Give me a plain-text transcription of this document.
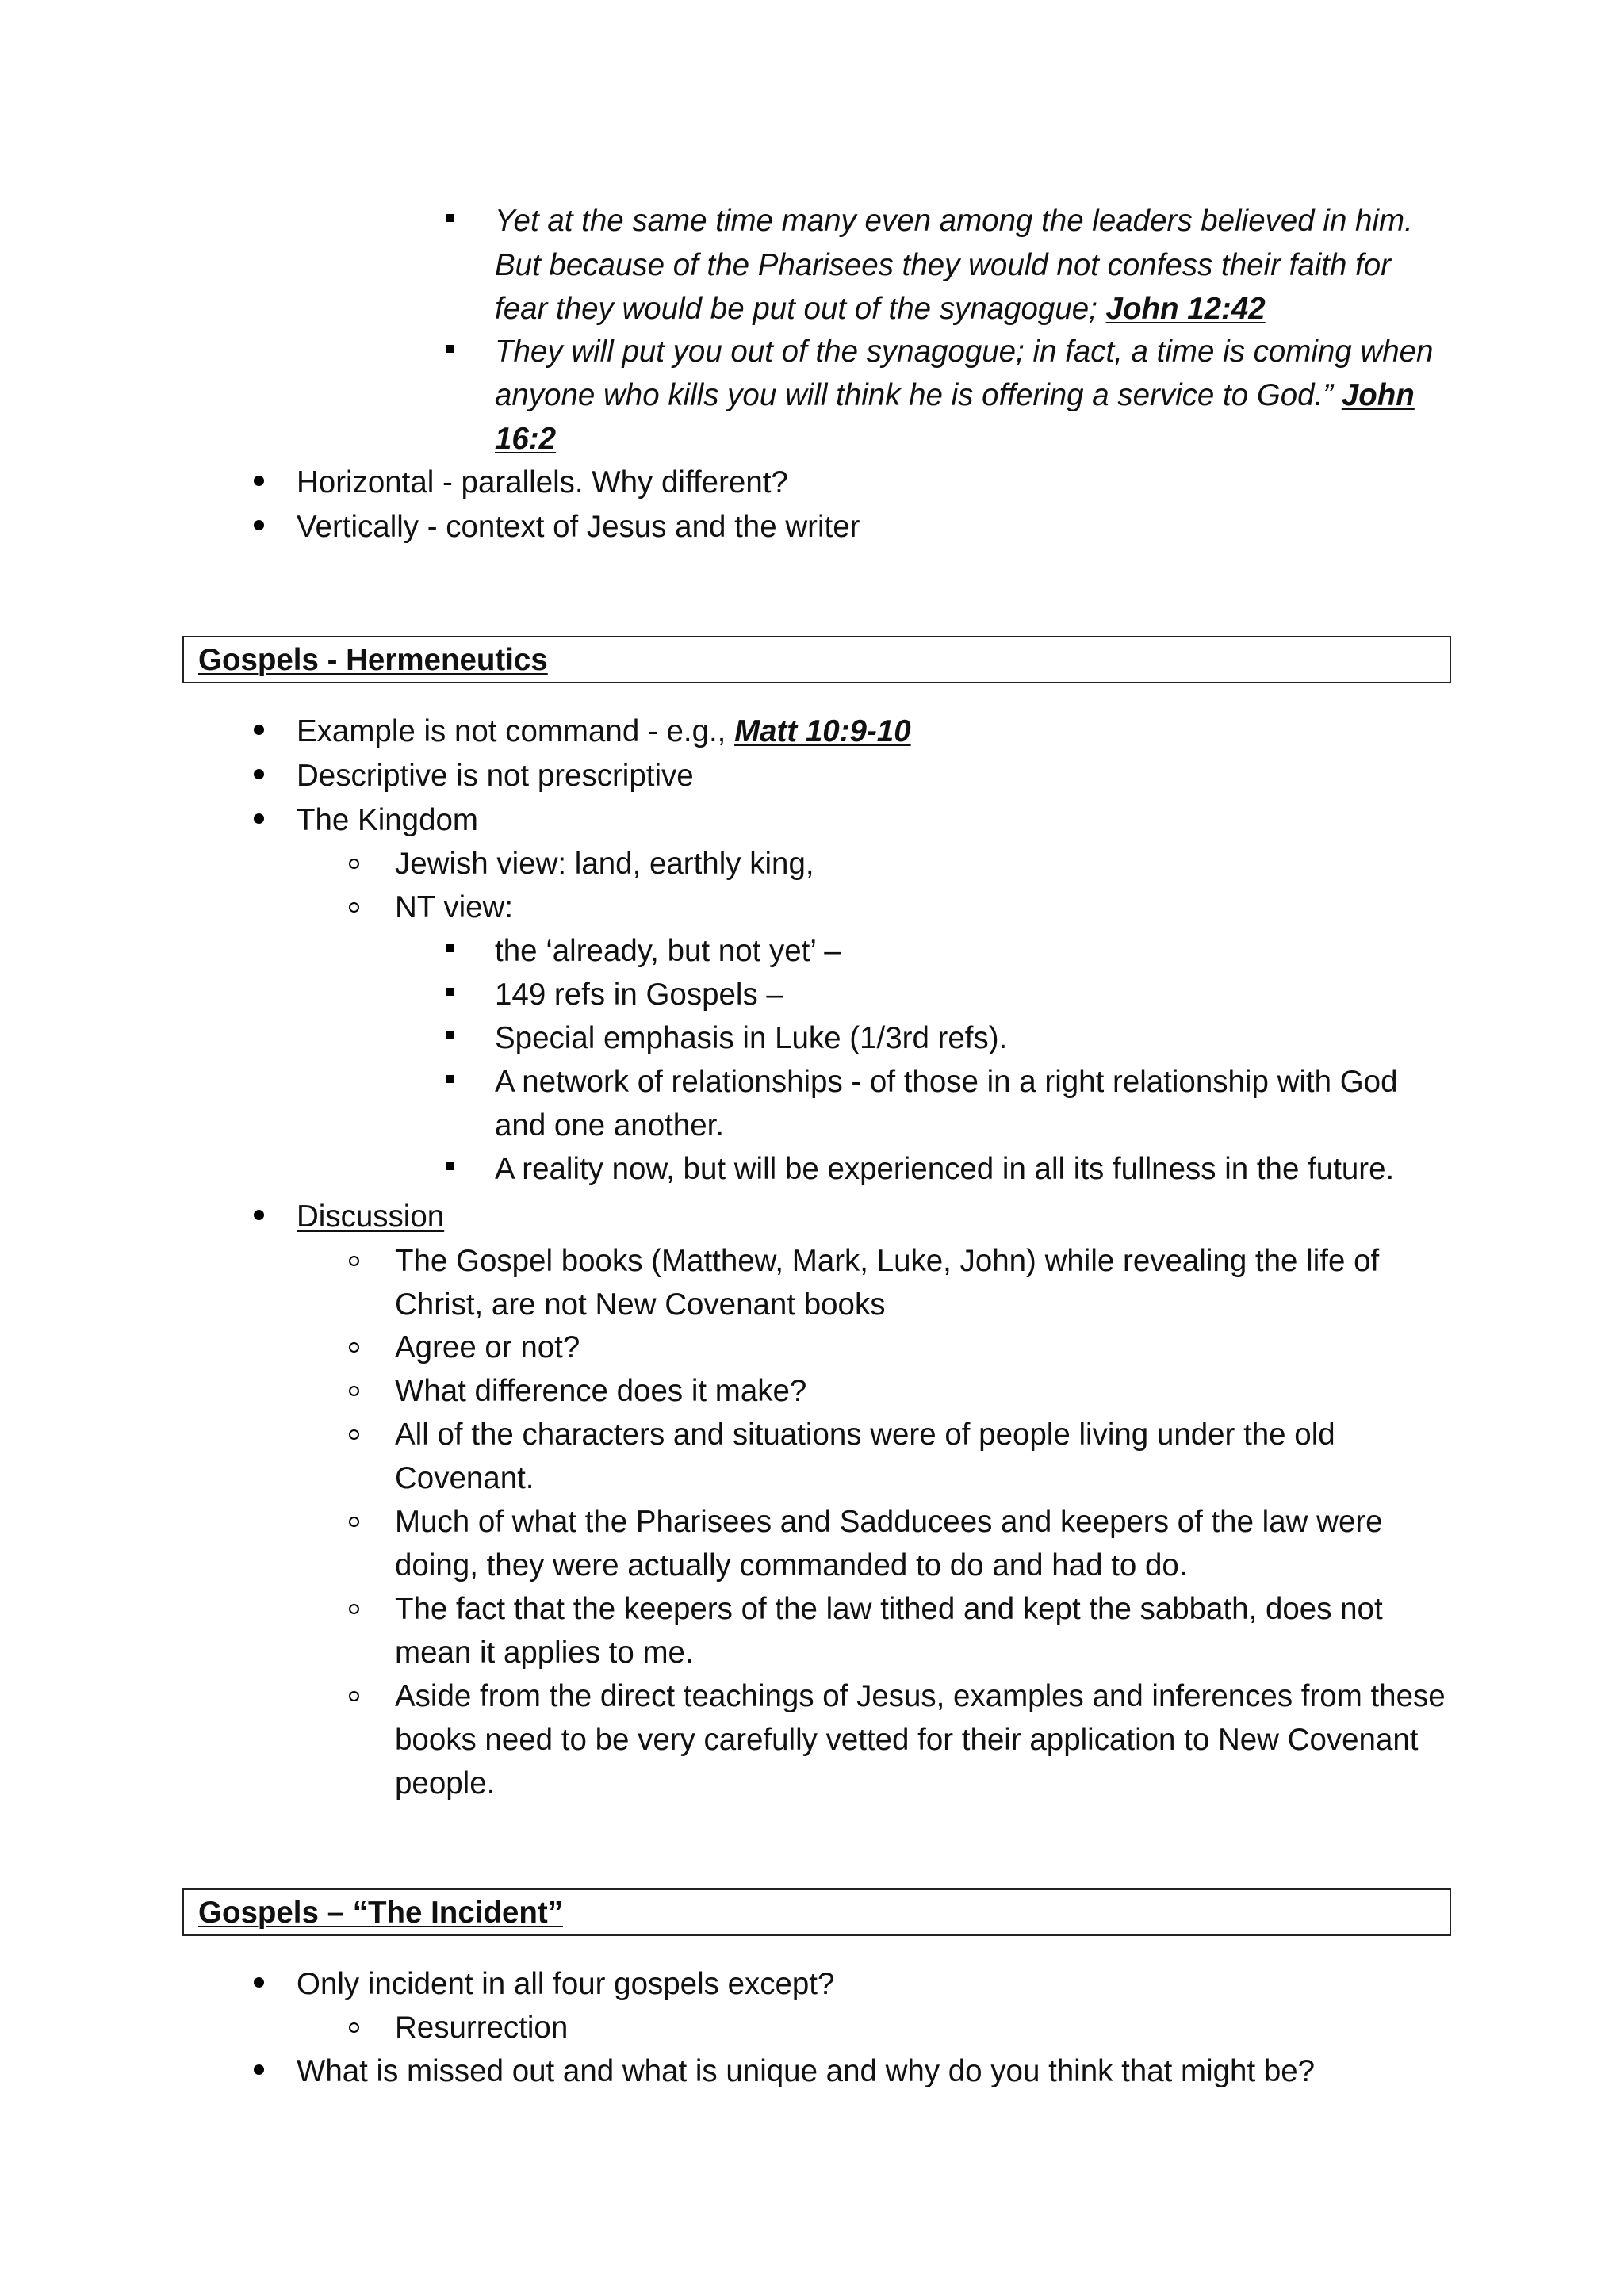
Yet at the same time many even among the leaders believed in him.
But because of the Pharisees they would not confess their faith for
fear they would be put out of the synagogue; John 12:42
They will put you out of the synagogue; in fact, a time is coming when
anyone who kills you will think he is offering a service to God.” John
16:2
Horizontal - parallels. Why different?
Vertically - context of Jesus and the writer
Gospels - Hermeneutics
Example is not command - e.g., Matt 10:9-10
Descriptive is not prescriptive
The Kingdom
Jewish view: land, earthly king,
NT view:
the ‘already, but not yet’ –
149 refs in Gospels –
Special emphasis in Luke (1/3rd refs).
A network of relationships - of those in a right relationship with God
and one another.
A reality now, but will be experienced in all its fullness in the future.
Discussion
The Gospel books (Matthew, Mark, Luke, John) while revealing the life of
Christ, are not New Covenant books
Agree or not?
What difference does it make?
All of the characters and situations were of people living under the old
Covenant.
Much of what the Pharisees and Sadducees and keepers of the law were
doing, they were actually commanded to do and had to do.
The fact that the keepers of the law tithed and kept the sabbath, does not
mean it applies to me.
Aside from the direct teachings of Jesus, examples and inferences from these
books need to be very carefully vetted for their application to New Covenant
people.
Gospels – “The Incident”
Only incident in all four gospels except?
Resurrection
What is missed out and what is unique and why do you think that might be?
